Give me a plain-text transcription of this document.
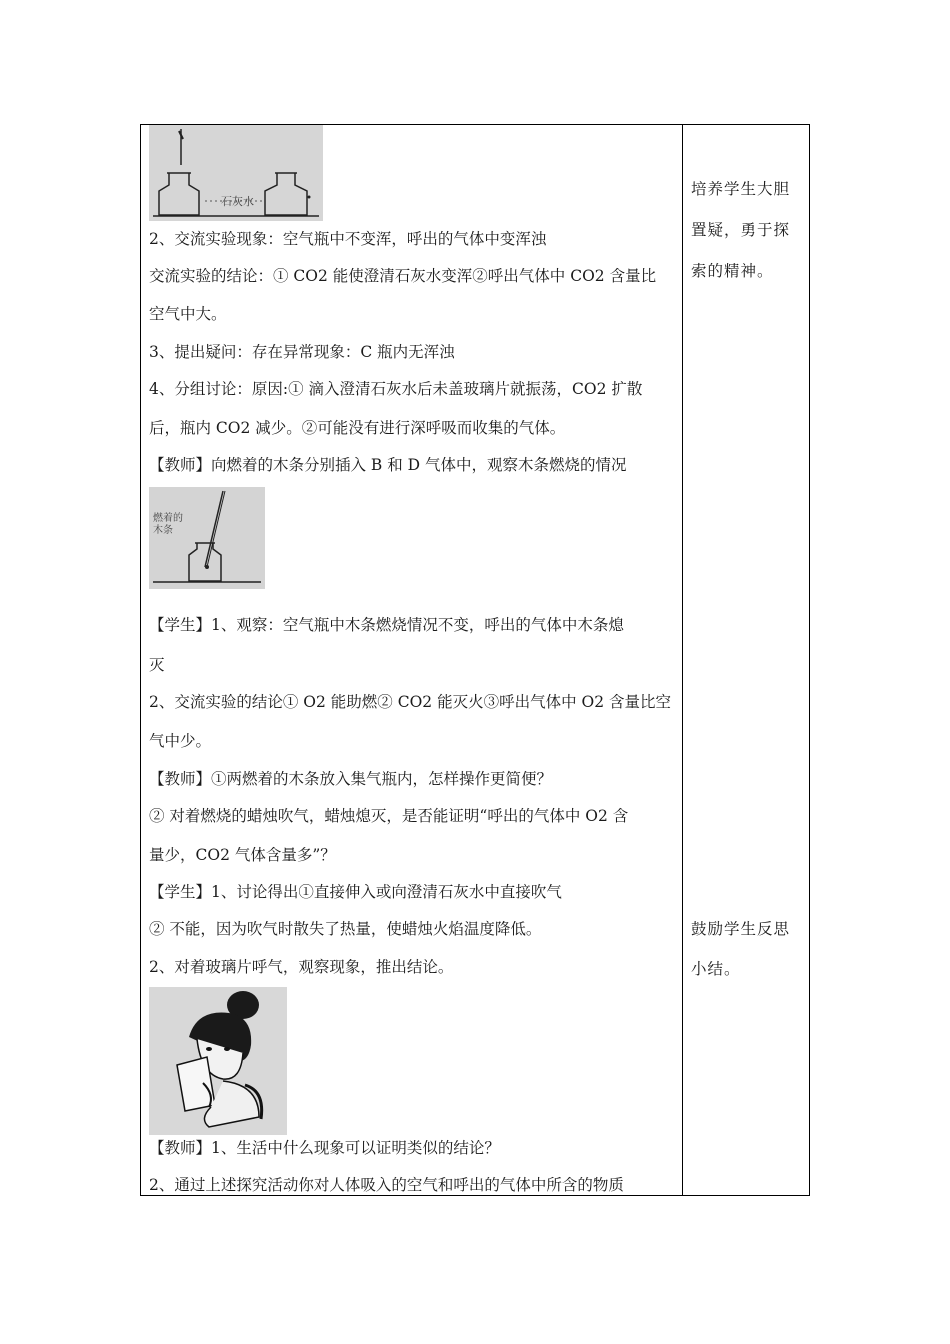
石灰水
2、交流实验现象：空气瓶中不变浑，呼出的气体中变浑浊
交流实验的结论：① CO2 能使澄清石灰水变浑②呼出气体中 CO2 含量比
空气中大。
3、提出疑问：存在异常现象：C 瓶内无浑浊
4、分组讨论：原因:① 滴入澄清石灰水后未盖玻璃片就振荡，CO2 扩散
后，瓶内 CO2 减少。②可能没有进行深呼吸而收集的气体。
【教师】向燃着的木条分别插入 B 和 D 气体中，观察木条燃烧的情况
燃着的
木条
【学生】1、观察：空气瓶中木条燃烧情况不变，呼出的气体中木条熄
灭
2、交流实验的结论① O2 能助燃② CO2 能灭火③呼出气体中 O2 含量比空
气中少。
【教师】①两燃着的木条放入集气瓶内，怎样操作更简便？
② 对着燃烧的蜡烛吹气，蜡烛熄灭，是否能证明“呼出的气体中 O2 含
量少，CO2 气体含量多”？
【学生】1、讨论得出①直接伸入或向澄清石灰水中直接吹气
② 不能，因为吹气时散失了热量，使蜡烛火焰温度降低。
2、对着玻璃片呼气，观察现象，推出结论。
【教师】1、生活中什么现象可以证明类似的结论？
2、通过上述探究活动你对人体吸入的空气和呼出的气体中所含的物质
培养学生大胆
置疑，勇于探
索的精神。
鼓励学生反思
小结。
